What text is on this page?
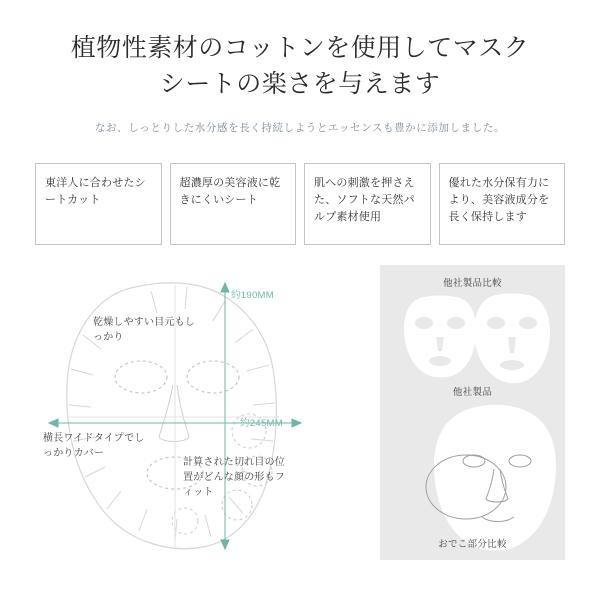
植物性素材のコットンを使用してマスク
シートの楽さを与えます
なお、しっとりした水分感を長く持続しようとエッセンスも豊かに添加しました。
東洋人に合わせたシートカット
超濃厚の美容液に乾きにくいシート
肌への刺激を押さえた、ソフトな天然パルプ素材使用
優れた水分保有力により、美容液成分を長く保持します
約190MM
約245MM
乾燥しやすい目元もしっかり
横長ワイドタイプでしっかりカバー
計算された切れ目の位置がどんな顔の形もフィット
他社製品比較
他社製品
おでこ部分比較
